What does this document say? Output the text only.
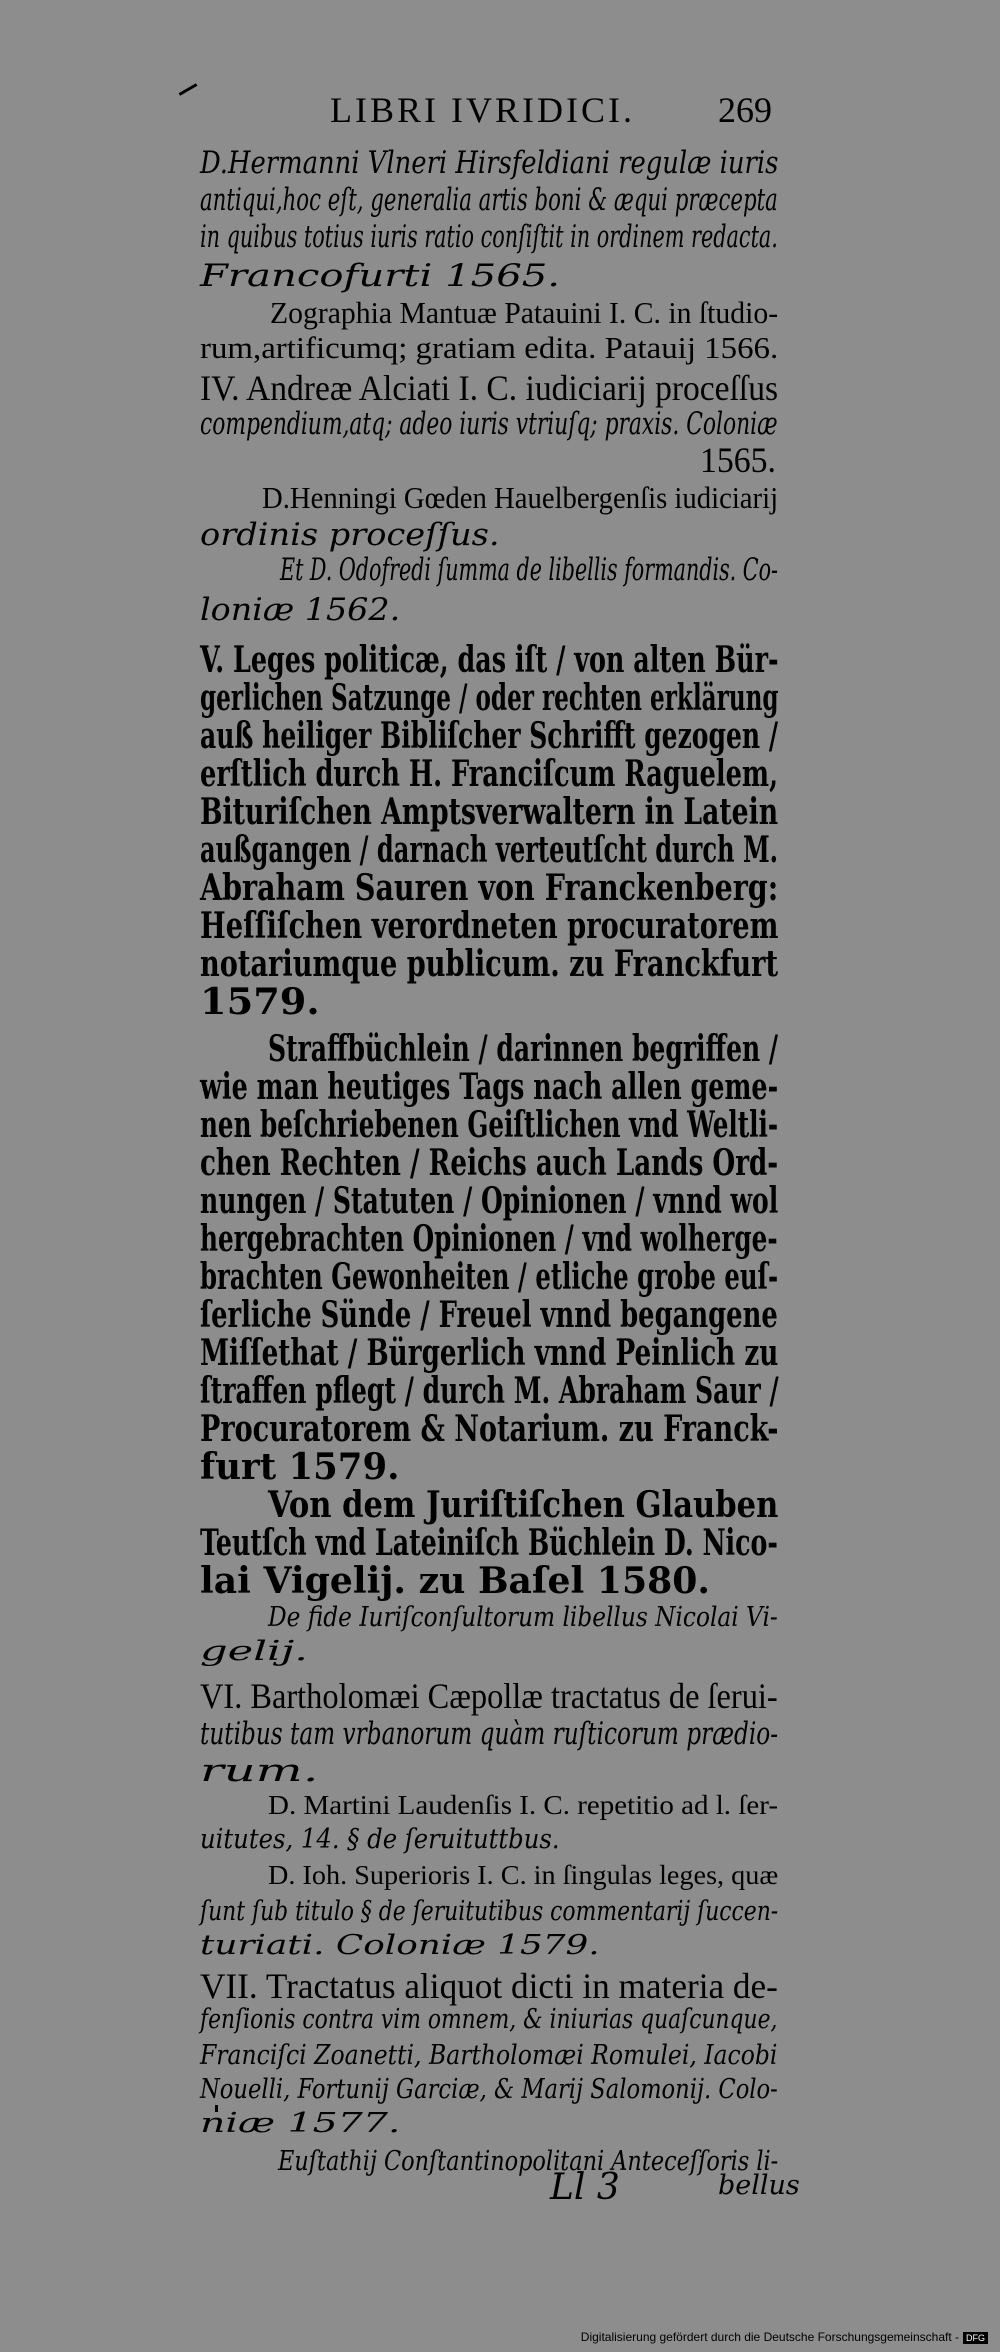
LIBRI IVRIDICI. 269
D.Hermanni Vlneri Hirsfeldiani regulæ iuris
antiqui,hoc eſt, generalia artis boni & æqui præcepta
in quibus totius iuris ratio conſiſtit in ordinem redacta.
Francofurti 1565.
Zographia Mantuæ Patauini I. C. in ſtudio-
rum,artificumq; gratiam edita. Patauij 1566.
IV. Andreæ Alciati I. C. iudiciarij proceſſus
compendium,atq; adeo iuris vtriuſq; praxis. Coloniæ
1565.
D.Henningi Gœden Hauelbergenſis iudiciarij
ordinis proceſſus.
Et D. Odofredi ſumma de libellis formandis. Co-
loniæ 1562.
V. Leges politicæ, das iſt / von alten Bür-
gerlichen Satzunge / oder rechten erklärung
auß heiliger Bibliſcher Schrifft gezogen /
erſtlich durch H. Franciſcum Raguelem,
Bituriſchen Amptsverwaltern in Latein
außgangen / darnach verteutſcht durch M.
Abraham Sauren von Franckenberg:
Heſſiſchen verordneten procuratorem
notariumque publicum. zu Franckfurt
1579.
Straffbüchlein / darinnen begriffen /
wie man heutiges Tags nach allen geme-
nen beſchriebenen Geiſtlichen vnd Weltli-
chen Rechten / Reichs auch Lands Ord-
nungen / Statuten / Opinionen / vnnd wol
hergebrachten Opinionen / vnd wolherge-
brachten Gewonheiten / etliche grobe euſ-
ſerliche Sünde / Freuel vnnd begangene
Miſſethat / Bürgerlich vnnd Peinlich zu
ſtraffen pflegt / durch M. Abraham Saur /
Procuratorem & Notarium. zu Franck-
furt 1579.
Von dem Juriſtiſchen Glauben
Teutſch vnd Lateiniſch Büchlein D. Nico-
lai Vigelij. zu Baſel 1580.
De fide Iuriſconſultorum libellus Nicolai Vi-
gelij.
VI. Bartholomæi Cæpollæ tractatus de ſerui-
tutibus tam vrbanorum quàm ruſticorum prædio-
rum.
D. Martini Laudenſis I. C. repetitio ad l. ſer-
uitutes, 14. § de ſeruituttbus.
D. Ioh. Superioris I. C. in ſingulas leges, quæ
ſunt ſub titulo § de ſeruitutibus commentarij ſuccen-
turiati. Coloniæ 1579.
VII. Tractatus aliquot dicti in materia de-
fenſionis contra vim omnem, & iniurias quaſcunque,
Franciſci Zoanetti, Bartholomæi Romulei, Iacobi
Nouelli, Fortunij Garciæ, & Marij Salomonij. Colo-
niæ 1577.
Euſtathij Conſtantinopolitani Anteceſſoris li-
Ll 3	bellus
Digitalisierung gefördert durch die Deutsche Forschungsgemeinschaft - DFG
